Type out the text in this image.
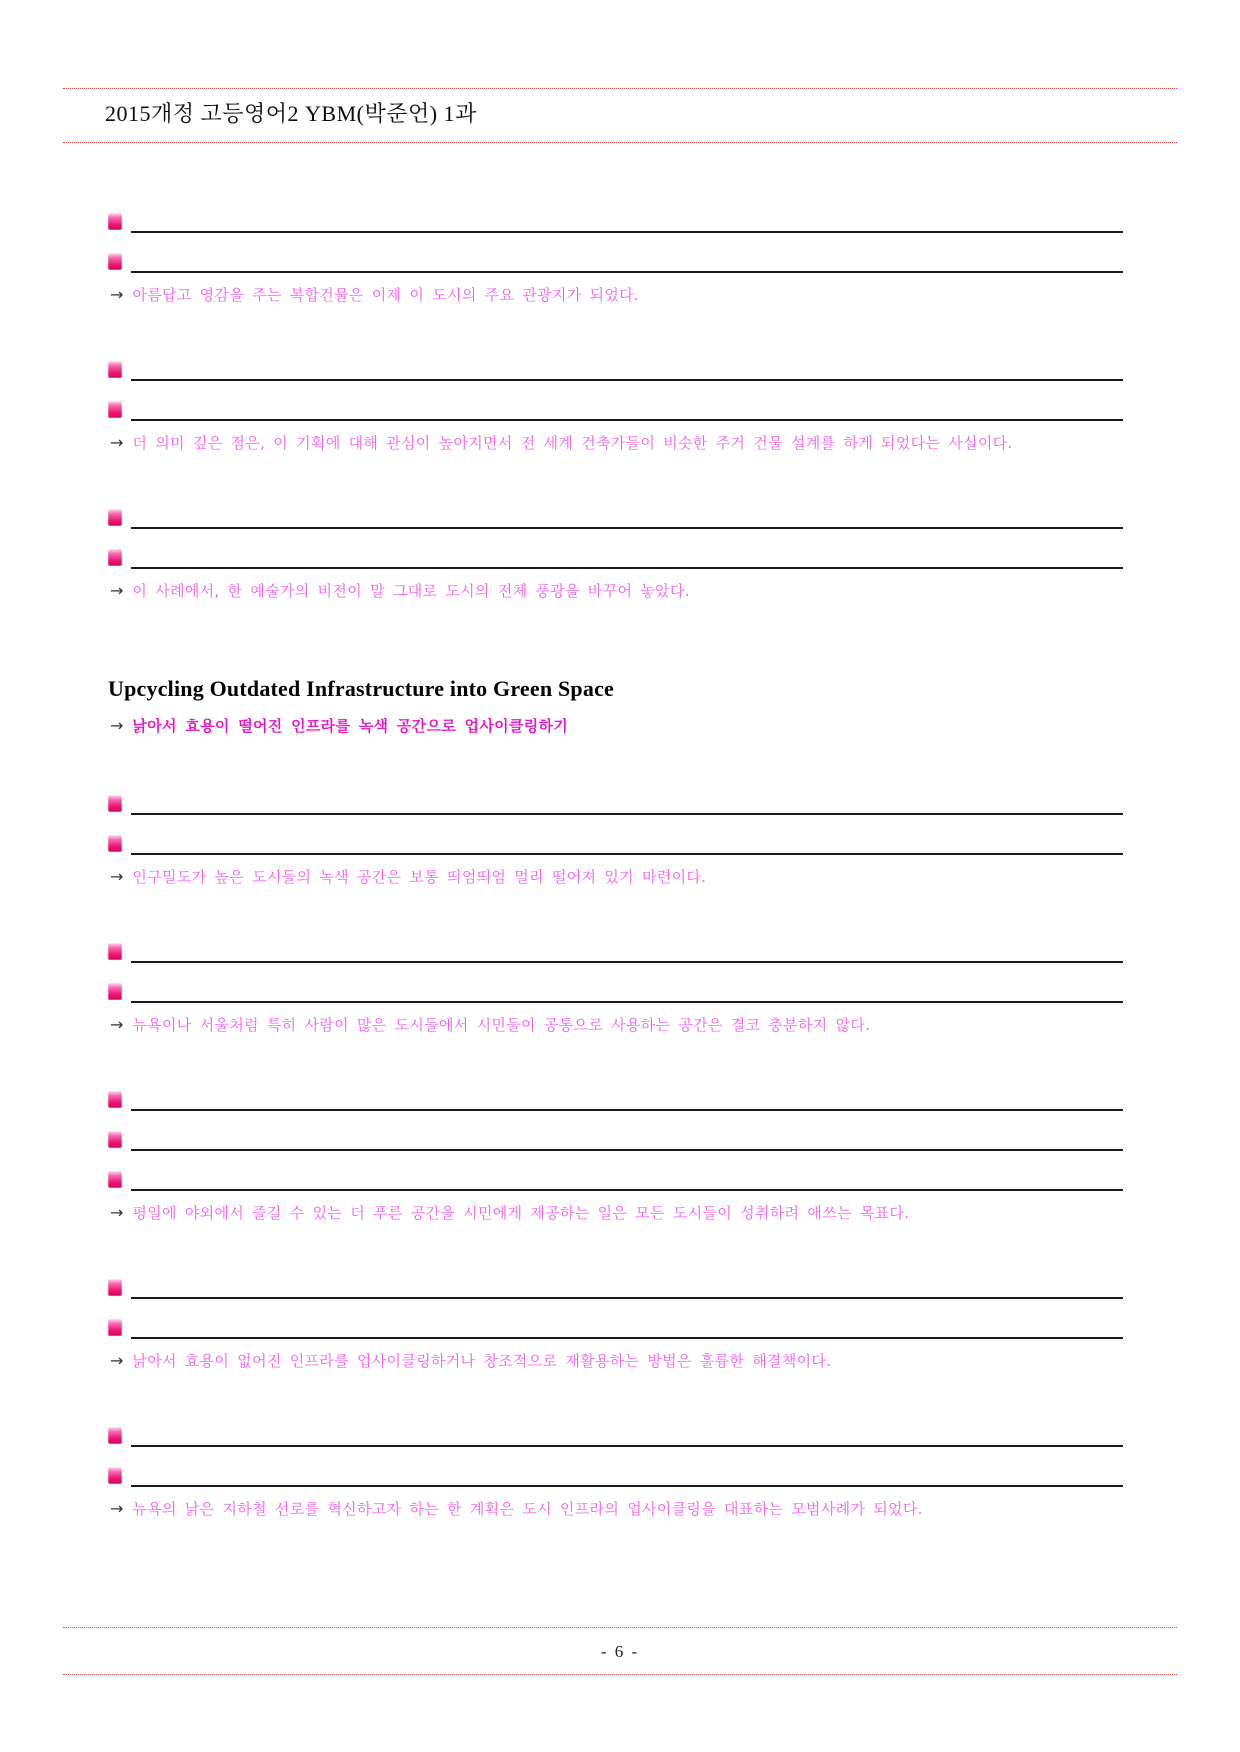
2015개정 고등영어2 YBM(박준언) 1과
→ 아름답고 영감을 주는 복합건물은 이제 이 도시의 주요 관광지가 되었다.
→ 더 의미 깊은 점은, 이 기획에 대해 관심이 높아지면서 전 세계 건축가들이 비슷한 주거 건물 설계를 하게 되었다는 사실이다.
→ 이 사례에서, 한 예술가의 비전이 말 그대로 도시의 전체 풍광을 바꾸어 놓았다.
Upcycling Outdated Infrastructure into Green Space
→ 낡아서 효용이 떨어진 인프라를 녹색 공간으로 업사이클링하기
→ 인구밀도가 높은 도시들의 녹색 공간은 보통 띄엄띄엄 멀리 떨어져 있기 마련이다.
→ 뉴욕이나 서울처럼 특히 사람이 많은 도시들에서 시민들이 공통으로 사용하는 공간은 결코 충분하지 않다.
→ 평일에 야외에서 즐길 수 있는 더 푸른 공간을 시민에게 제공하는 일은 모든 도시들이 성취하려 애쓰는 목표다.
→ 낡아서 효용이 없어진 인프라를 업사이클링하거나 창조적으로 재활용하는 방법은 훌륭한 해결책이다.
→ 뉴욕의 낡은 지하철 선로를 혁신하고자 하는 한 계획은 도시 인프라의 업사이클링을 대표하는 모범사례가 되었다.
- 6 -
